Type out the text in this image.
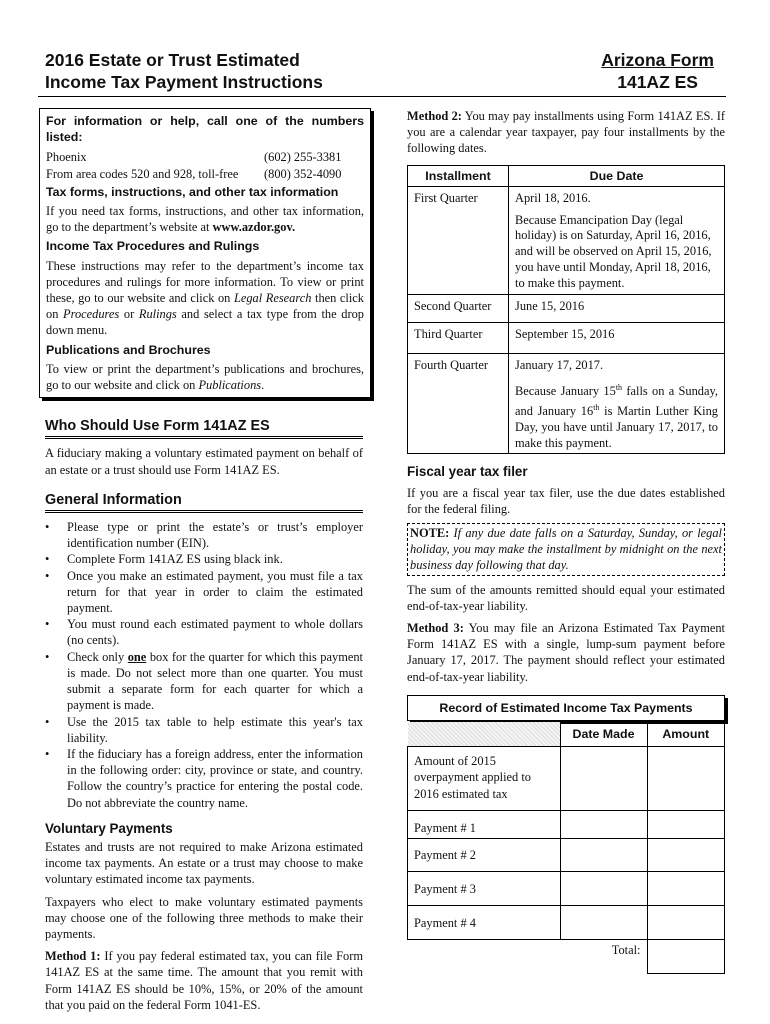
2016 Estate or Trust Estimated
Income Tax Payment Instructions
Arizona Form
141AZ ES
For information or help, call one of the numbers listed:
Phoenix	(602) 255-3381
From area codes 520 and 928, toll-free (800) 352-4090
Tax forms, instructions, and other tax information

If you need tax forms, instructions, and other tax information, go to the department’s website at www.azdor.gov.

Income Tax Procedures and Rulings

These instructions may refer to the department’s income tax procedures and rulings for more information. To view or print these, go to our website and click on Legal Research then click on Procedures or Rulings and select a tax type from the drop down menu.

Publications and Brochures

To view or print the department’s publications and brochures, go to our website and click on Publications.

Who Should Use Form 141AZ ES

A fiduciary making a voluntary estimated payment on behalf of an estate or a trust should use Form 141AZ ES.

General Information
• Please type or print the estate’s or trust’s employer identification number (EIN).
• Complete Form 141AZ ES using black ink.
• Once you make an estimated payment, you must file a tax return for that year in order to claim the estimated payment.
• You must round each estimated payment to whole dollars (no cents).
• Check only one box for the quarter for which this payment is made. Do not select more than one quarter. You must submit a separate form for each quarter for which a payment is made.
• Use the 2015 tax table to help estimate this year's tax liability.
• If the fiduciary has a foreign address, enter the information in the following order: city, province or state, and country. Follow the country’s practice for entering the postal code. Do not abbreviate the country name.
Voluntary Payments

Estates and trusts are not required to make Arizona estimated income tax payments. An estate or a trust may choose to make voluntary estimated income tax payments.

Taxpayers who elect to make voluntary estimated payments may choose one of the following three methods to make their payments.

Method 1: If you pay federal estimated tax, you can file Form 141AZ ES at the same time. The amount that you remit with Form 141AZ ES should be 10%, 15%, or 20% of the amount that you paid on the federal Form 1041-ES.

Method 2: You may pay installments using Form 141AZ ES. If you are a calendar year taxpayer, pay four installments by the following dates.

Installment	Due Date
First Quarter	April 18, 2016.
Because Emancipation Day (legal holiday) is on Saturday, April 16, 2016, and will be observed on April 15, 2016, you have until Monday, April 18, 2016, to make this payment.

Second Quarter	June 15, 2016
Third Quarter	September 15, 2016
Fourth Quarter	January 17, 2017.
Because January 15th falls on a Sunday, and January 16th is Martin Luther King Day, you have until January 17, 2017, to make this payment.
Fiscal year tax filer

If you are a fiscal year tax filer, use the due dates established for the federal filing.

NOTE: If any due date falls on a Saturday, Sunday, or legal holiday, you may make the installment by midnight on the next business day following that day.

The sum of the amounts remitted should equal your estimated end-of-tax-year liability.

Method 3: You may file an Arizona Estimated Tax Payment Form 141AZ ES with a single, lump-sum payment before January 17, 2017. The payment should reflect your estimated end-of-tax-year liability.

Record of Estimated Income Tax Payments
	Date Made	Amount
Amount of 2015 overpayment applied to 2016 estimated tax		
Payment # 1		
Payment # 2		
Payment # 3		
Payment # 4		
Total:		
